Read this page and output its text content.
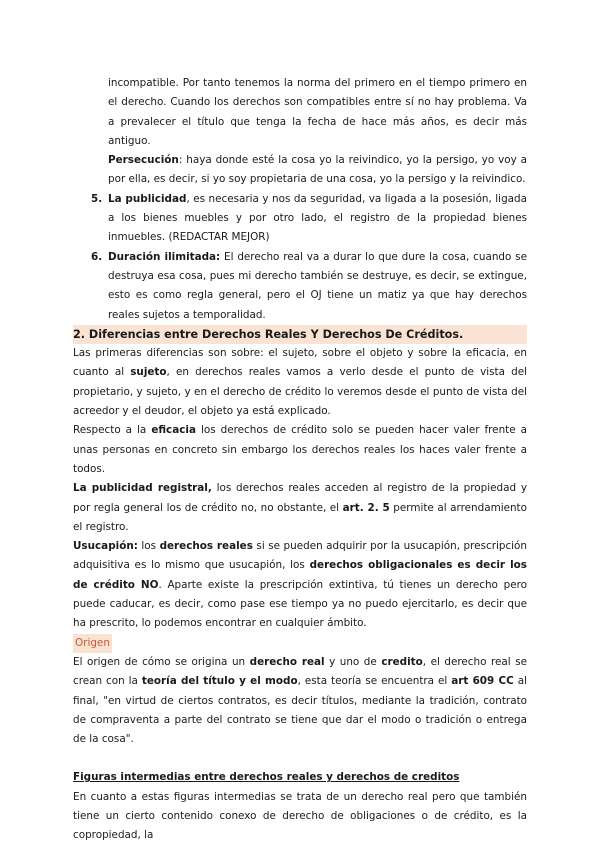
incompatible. Por tanto tenemos la norma del primero en el tiempo primero en el derecho. Cuando los derechos son compatibles entre sí no hay problema. Va a prevalecer el título que tenga la fecha de hace más años, es decir más antiguo.

Persecución: haya donde esté la cosa yo la reivindico, yo la persigo, yo voy a por ella, es decir, si yo soy propietaria de una cosa, yo la persigo y la reivindico.

5. La publicidad, es necesaria y nos da seguridad, va ligada a la posesión, ligada a los bienes muebles y por otro lado, el registro de la propiedad bienes inmuebles. (REDACTAR MEJOR)

6. Duración ilimitada: El derecho real va a durar lo que dure la cosa, cuando se destruya esa cosa, pues mi derecho también se destruye, es decir, se extingue, esto es como regla general, pero el OJ tiene un matiz ya que hay derechos reales sujetos a temporalidad.

2. Diferencias entre Derechos Reales Y Derechos De Créditos.

Las primeras diferencias son sobre: el sujeto, sobre el objeto y sobre la eficacia, en cuanto al sujeto, en derechos reales vamos a verlo desde el punto de vista del propietario, y sujeto, y en el derecho de crédito lo veremos desde el punto de vista del acreedor y el deudor, el objeto ya está explicado.

Respecto a la eficacia los derechos de crédito solo se pueden hacer valer frente a unas personas en concreto sin embargo los derechos reales los haces valer frente a todos.

La publicidad registral, los derechos reales acceden al registro de la propiedad y por regla general los de crédito no, no obstante, el art. 2. 5 permite al arrendamiento el registro.

Usucapión: los derechos reales si se pueden adquirir por la usucapión, prescripción adquisitiva es lo mismo que usucapión, los derechos obligacionales es decir los de crédito NO. Aparte existe la prescripción extintiva, tú tienes un derecho pero puede caducar, es decir, como pase ese tiempo ya no puedo ejercitarlo, es decir que ha prescrito, lo podemos encontrar en cualquier ámbito.

Origen

El origen de cómo se origina un derecho real y uno de credito, el derecho real se crean con la teoría del título y el modo, esta teoría se encuentra el art 609 CC al final, "en virtud de ciertos contratos, es decir títulos, mediante la tradición, contrato de compraventa a parte del contrato se tiene que dar el modo o tradición o entrega de la cosa".

Figuras intermedias entre derechos reales y derechos de creditos

En cuanto a estas figuras intermedias se trata de un derecho real pero que también tiene un cierto contenido conexo de derecho de obligaciones o de crédito, es la copropiedad, la
